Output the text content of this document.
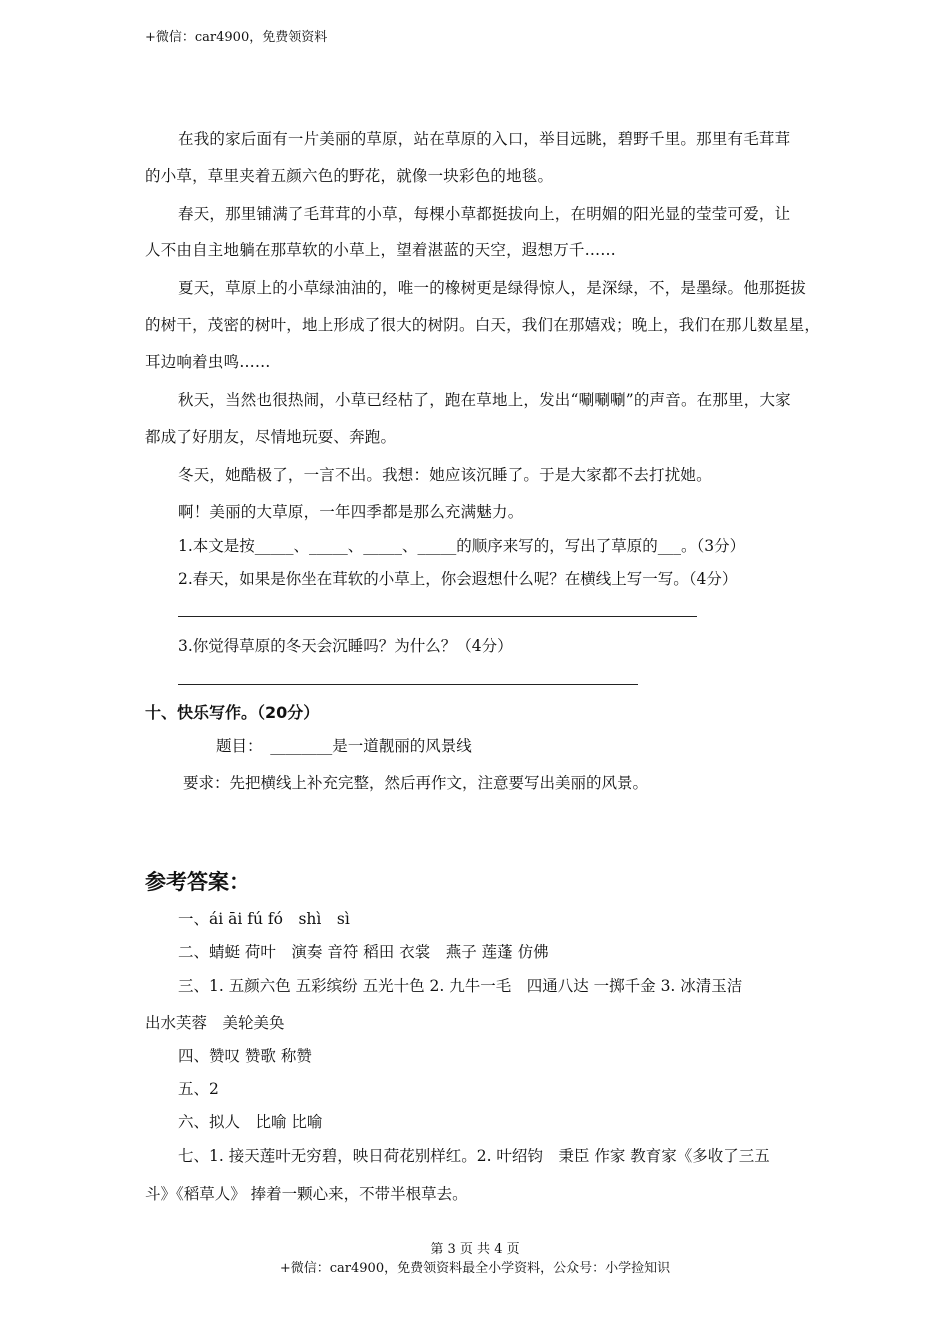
+微信：car4900，免费领资料
在我的家后面有一片美丽的草原，站在草原的入口，举目远眺，碧野千里。那里有毛茸茸
的小草，草里夹着五颜六色的野花，就像一块彩色的地毯。
春天，那里铺满了毛茸茸的小草，每棵小草都挺拔向上，在明媚的阳光显的莹莹可爱，让
人不由自主地躺在那草软的小草上，望着湛蓝的天空，遐想万千……
夏天，草原上的小草绿油油的，唯一的橡树更是绿得惊人，是深绿，不，是墨绿。他那挺拔
的树干，茂密的树叶，地上形成了很大的树阴。白天，我们在那嬉戏；晚上，我们在那儿数星星，
耳边响着虫鸣……
秋天，当然也很热闹，小草已经枯了，跑在草地上，发出“唰唰唰”的声音。在那里，大家
都成了好朋友，尽情地玩耍、奔跑。
冬天，她酷极了，一言不出。我想：她应该沉睡了。于是大家都不去打扰她。
啊！美丽的大草原，一年四季都是那么充满魅力。
1.本文是按_____、_____、_____、_____的顺序来写的，写出了草原的___。（3分）
2.春天，如果是你坐在茸软的小草上，你会遐想什么呢？在横线上写一写。（4分）
3.你觉得草原的冬天会沉睡吗？为什么？（4分）
十、快乐写作。（20分）
题目：　________是一道靓丽的风景线
要求：先把横线上补充完整，然后再作文，注意要写出美丽的风景。
参考答案：
一、ái āi fú fó　shì　sì
二、蜻蜓 荷叶　演奏 音符 稻田 衣裳　燕子 莲蓬 仿佛
三、1. 五颜六色 五彩缤纷 五光十色 2. 九牛一毛　四通八达 一掷千金 3. 冰清玉洁
出水芙蓉　美轮美奂
四、赞叹 赞歌 称赞
五、2
六、拟人　比喻 比喻
七、1. 接天莲叶无穷碧，映日荷花别样红。2. 叶绍钧　秉臣 作家 教育家《多收了三五
斗》《稻草人》 捧着一颗心来，不带半根草去。
第 3 页 共 4 页
+微信：car4900，免费领资料最全小学资料，公众号：小学捡知识
